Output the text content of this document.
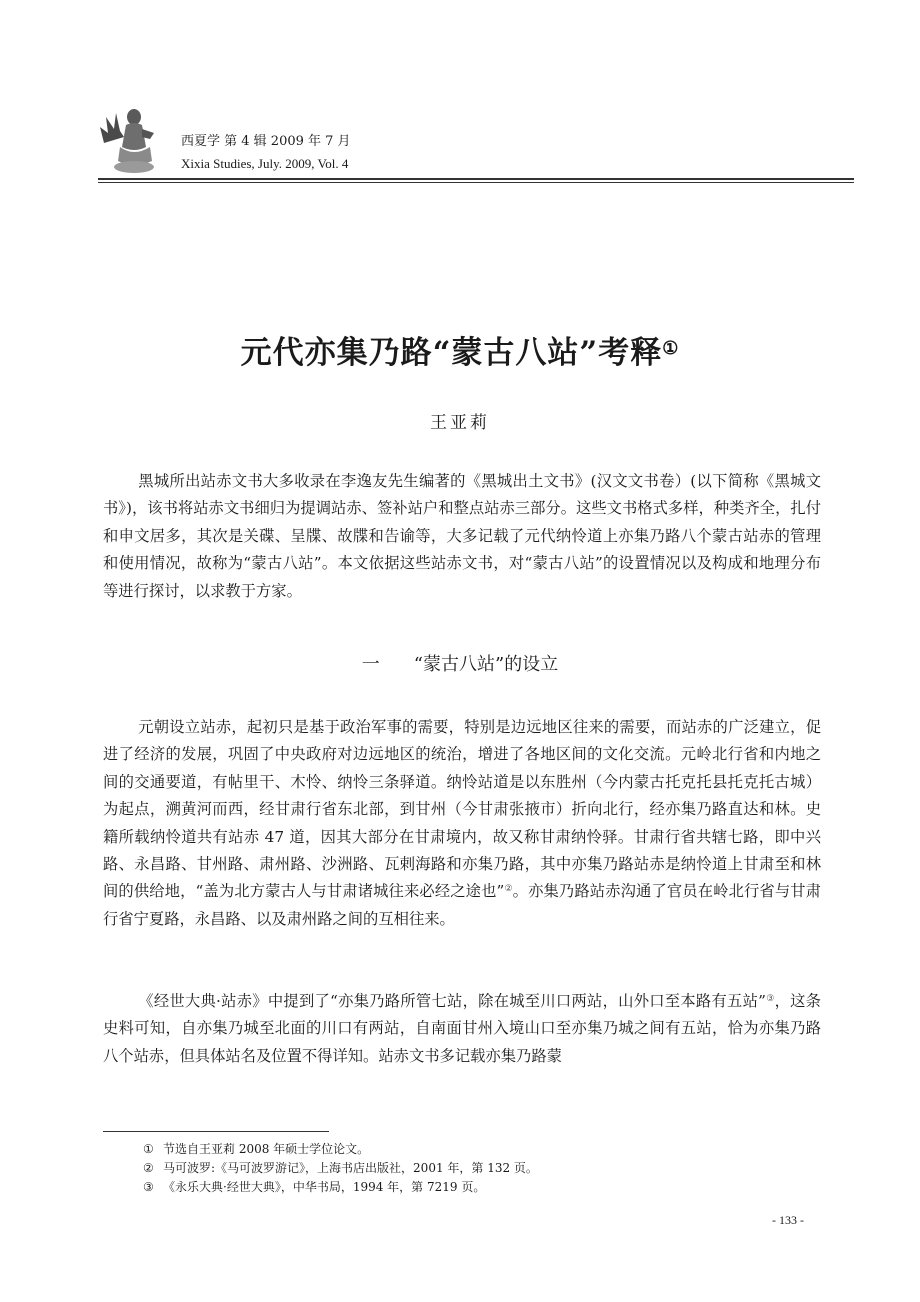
西夏学 第 4 辑 2009 年 7 月
Xixia Studies, July. 2009, Vol. 4
元代亦集乃路“蒙古八站”考释①
王亚莉

黑城所出站赤文书大多收录在李逸友先生编著的《黑城出土文书》(汉文文书卷）(以下简称《黑城文书》)，该书将站赤文书细归为提调站赤、签补站户和整点站赤三部分。这些文书格式多样，种类齐全，扎付和申文居多，其次是关碟、呈牒、故牒和告谕等，大多记载了元代纳怜道上亦集乃路八个蒙古站赤的管理和使用情况，故称为“蒙古八站”。本文依据这些站赤文书，对“蒙古八站”的设置情况以及构成和地理分布等进行探讨，以求教于方家。

一 “蒙古八站”的设立

元朝设立站赤，起初只是基于政治军事的需要，特别是边远地区往来的需要，而站赤的广泛建立，促进了经济的发展，巩固了中央政府对边远地区的统治，增进了各地区间的文化交流。元岭北行省和内地之间的交通要道，有帖里干、木怜、纳怜三条驿道。纳怜站道是以东胜州（今内蒙古托克托县托克托古城）为起点，溯黄河而西，经甘肃行省东北部，到甘州（今甘肃张掖市）折向北行，经亦集乃路直达和林。史籍所载纳怜道共有站赤 47 道，因其大部分在甘肃境内，故又称甘肃纳怜驿。甘肃行省共辖七路，即中兴路、永昌路、甘州路、肃州路、沙洲路、瓦剌海路和亦集乃路，其中亦集乃路站赤是纳怜道上甘肃至和林间的供给地，“盖为北方蒙古人与甘肃诸城往来必经之途也”②。亦集乃路站赤沟通了官员在岭北行省与甘肃行省宁夏路，永昌路、以及肃州路之间的互相往来。

《经世大典·站赤》中提到了“亦集乃路所管七站，除在城至川口两站，山外口至本路有五站”③，这条史料可知，自亦集乃城至北面的川口有两站，自南面甘州入境山口至亦集乃城之间有五站，恰为亦集乃路八个站赤，但具体站名及位置不得详知。站赤文书多记载亦集乃路蒙

① 节选自王亚莉 2008 年硕士学位论文。
② 马可波罗:《马可波罗游记》，上海书店出版社，2001 年，第 132 页。
③ 《永乐大典·经世大典》，中华书局，1994 年，第 7219 页。
- 133 -
